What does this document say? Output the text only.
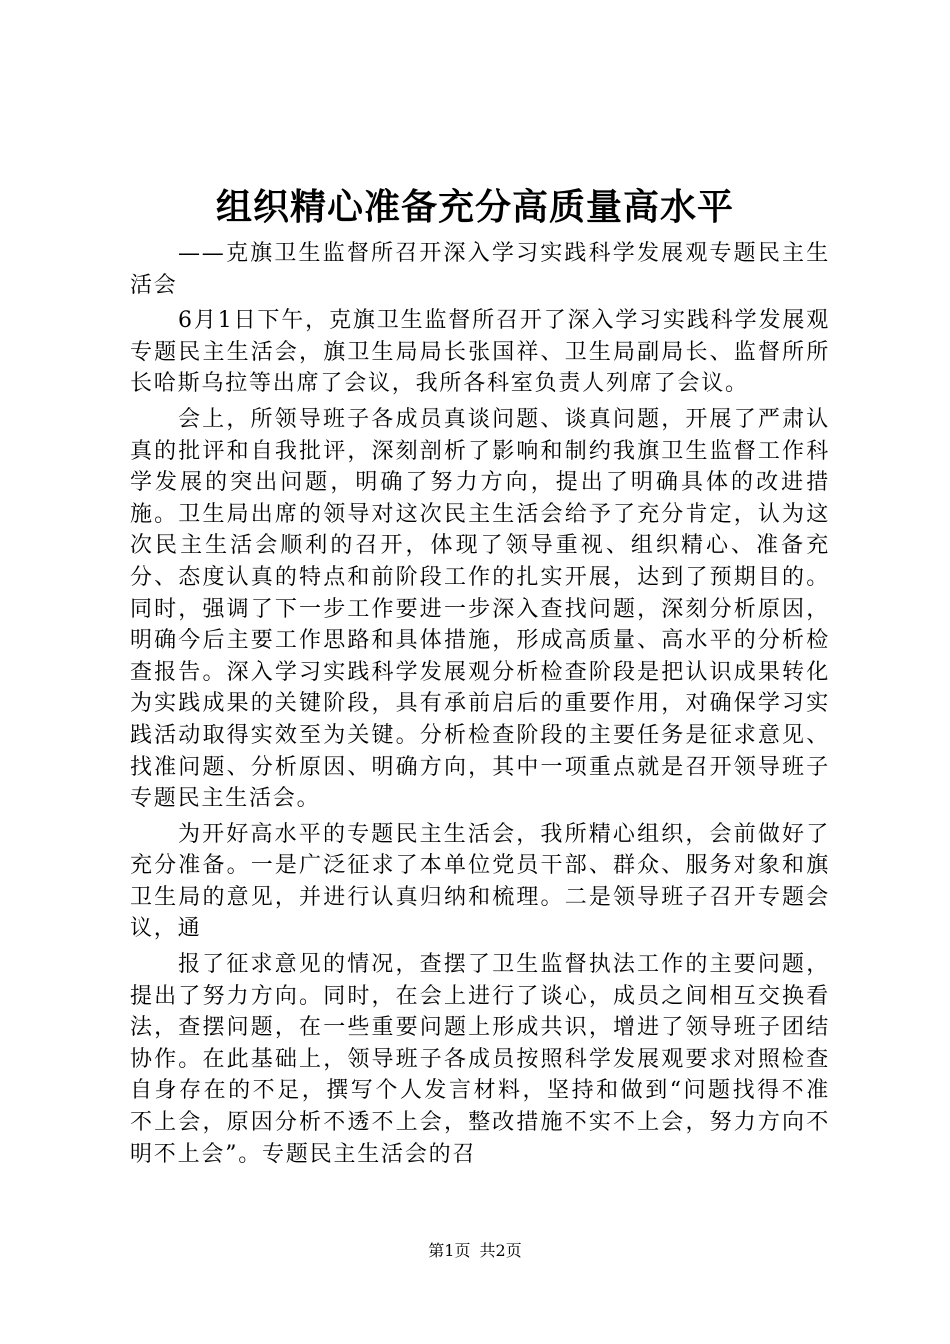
组织精心准备充分高质量高水平

——克旗卫生监督所召开深入学习实践科学发展观专题民主生活会

6月1日下午，克旗卫生监督所召开了深入学习实践科学发展观专题民主生活会，旗卫生局局长张国祥、卫生局副局长、监督所所长哈斯乌拉等出席了会议，我所各科室负责人列席了会议。

会上，所领导班子各成员真谈问题、谈真问题，开展了严肃认真的批评和自我批评，深刻剖析了影响和制约我旗卫生监督工作科学发展的突出问题，明确了努力方向，提出了明确具体的改进措施。卫生局出席的领导对这次民主生活会给予了充分肯定，认为这次民主生活会顺利的召开，体现了领导重视、组织精心、准备充分、态度认真的特点和前阶段工作的扎实开展，达到了预期目的。同时，强调了下一步工作要进一步深入查找问题，深刻分析原因，明确今后主要工作思路和具体措施，形成高质量、高水平的分析检查报告。深入学习实践科学发展观分析检查阶段是把认识成果转化为实践成果的关键阶段，具有承前启后的重要作用，对确保学习实践活动取得实效至为关键。分析检查阶段的主要任务是征求意见、找准问题、分析原因、明确方向，其中一项重点就是召开领导班子专题民主生活会。

为开好高水平的专题民主生活会，我所精心组织，会前做好了充分准备。一是广泛征求了本单位党员干部、群众、服务对象和旗卫生局的意见，并进行认真归纳和梳理。二是领导班子召开专题会议，通

报了征求意见的情况，查摆了卫生监督执法工作的主要问题，提出了努力方向。同时，在会上进行了谈心，成员之间相互交换看法，查摆问题，在一些重要问题上形成共识，增进了领导班子团结协作。在此基础上，领导班子各成员按照科学发展观要求对照检查自身存在的不足，撰写个人发言材料，坚持和做到“问题找得不准不上会，原因分析不透不上会，整改措施不实不上会，努力方向不明不上会”。专题民主生活会的召

第1页 共2页
